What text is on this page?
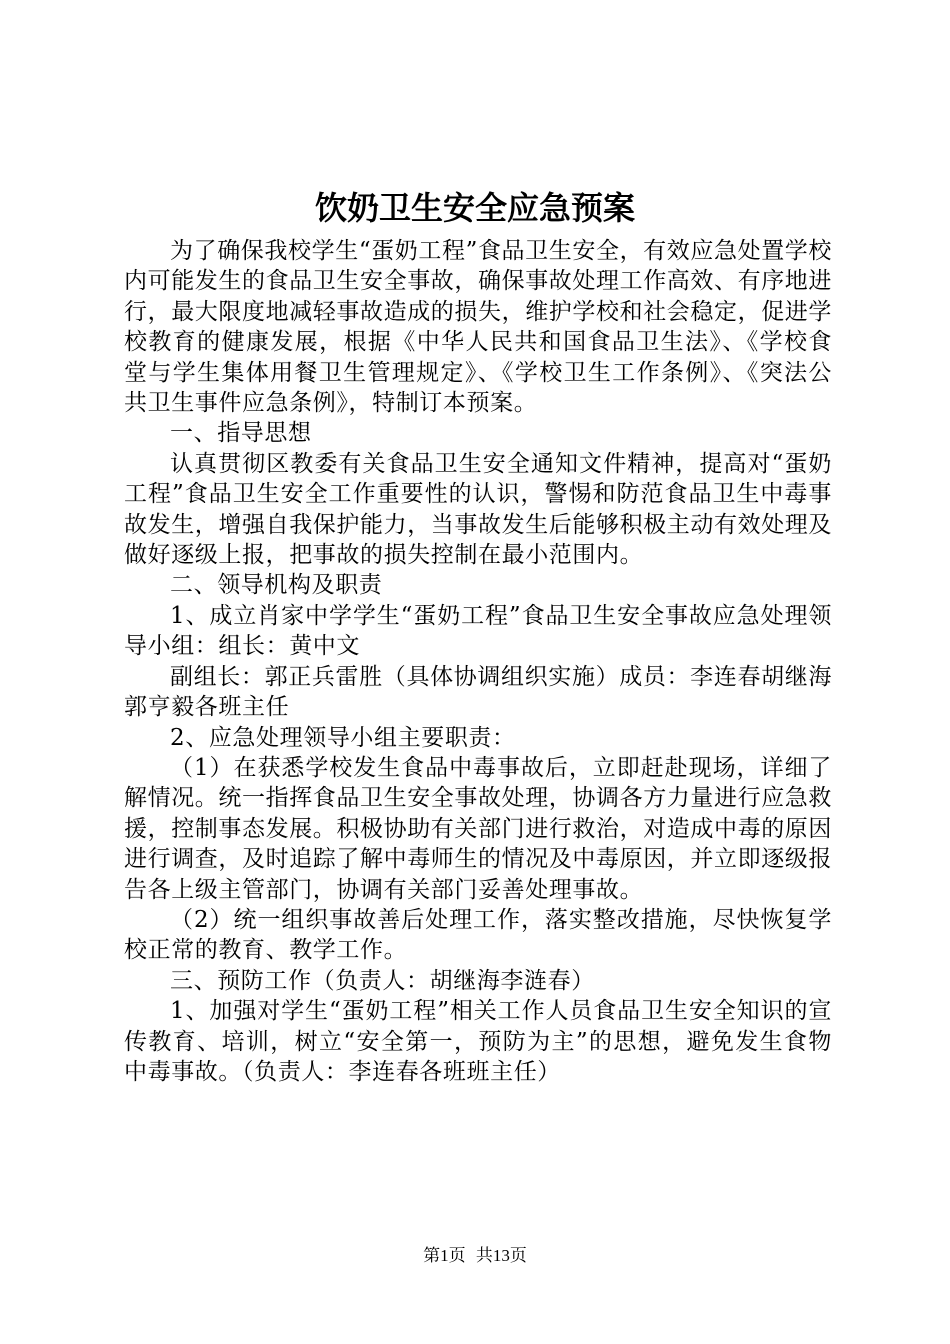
饮奶卫生安全应急预案

为了确保我校学生“蛋奶工程”食品卫生安全，有效应急处置学校内可能发生的食品卫生安全事故，确保事故处理工作高效、有序地进行，最大限度地减轻事故造成的损失，维护学校和社会稳定，促进学校教育的健康发展，根据《中华人民共和国食品卫生法》、《学校食堂与学生集体用餐卫生管理规定》、《学校卫生工作条例》、《突法公共卫生事件应急条例》，特制订本预案。

一、指导思想

认真贯彻区教委有关食品卫生安全通知文件精神，提高对“蛋奶工程”食品卫生安全工作重要性的认识，警惕和防范食品卫生中毒事故发生，增强自我保护能力，当事故发生后能够积极主动有效处理及做好逐级上报，把事故的损失控制在最小范围内。

二、领导机构及职责

1、成立肖家中学学生“蛋奶工程”食品卫生安全事故应急处理领导小组：组长：黄中文

副组长：郭正兵雷胜（具体协调组织实施）成员：李连春胡继海郭亨毅各班主任

2、应急处理领导小组主要职责：

（1）在获悉学校发生食品中毒事故后，立即赶赴现场，详细了解情况。统一指挥食品卫生安全事故处理，协调各方力量进行应急救援，控制事态发展。积极协助有关部门进行救治，对造成中毒的原因进行调查，及时追踪了解中毒师生的情况及中毒原因，并立即逐级报告各上级主管部门，协调有关部门妥善处理事故。

（2）统一组织事故善后处理工作，落实整改措施，尽快恢复学校正常的教育、教学工作。

三、预防工作（负责人：胡继海李涟春）

1、加强对学生“蛋奶工程”相关工作人员食品卫生安全知识的宣传教育、培训，树立“安全第一，预防为主”的思想，避免发生食物中毒事故。（负责人：李连春各班班主任）

第1页 共13页
